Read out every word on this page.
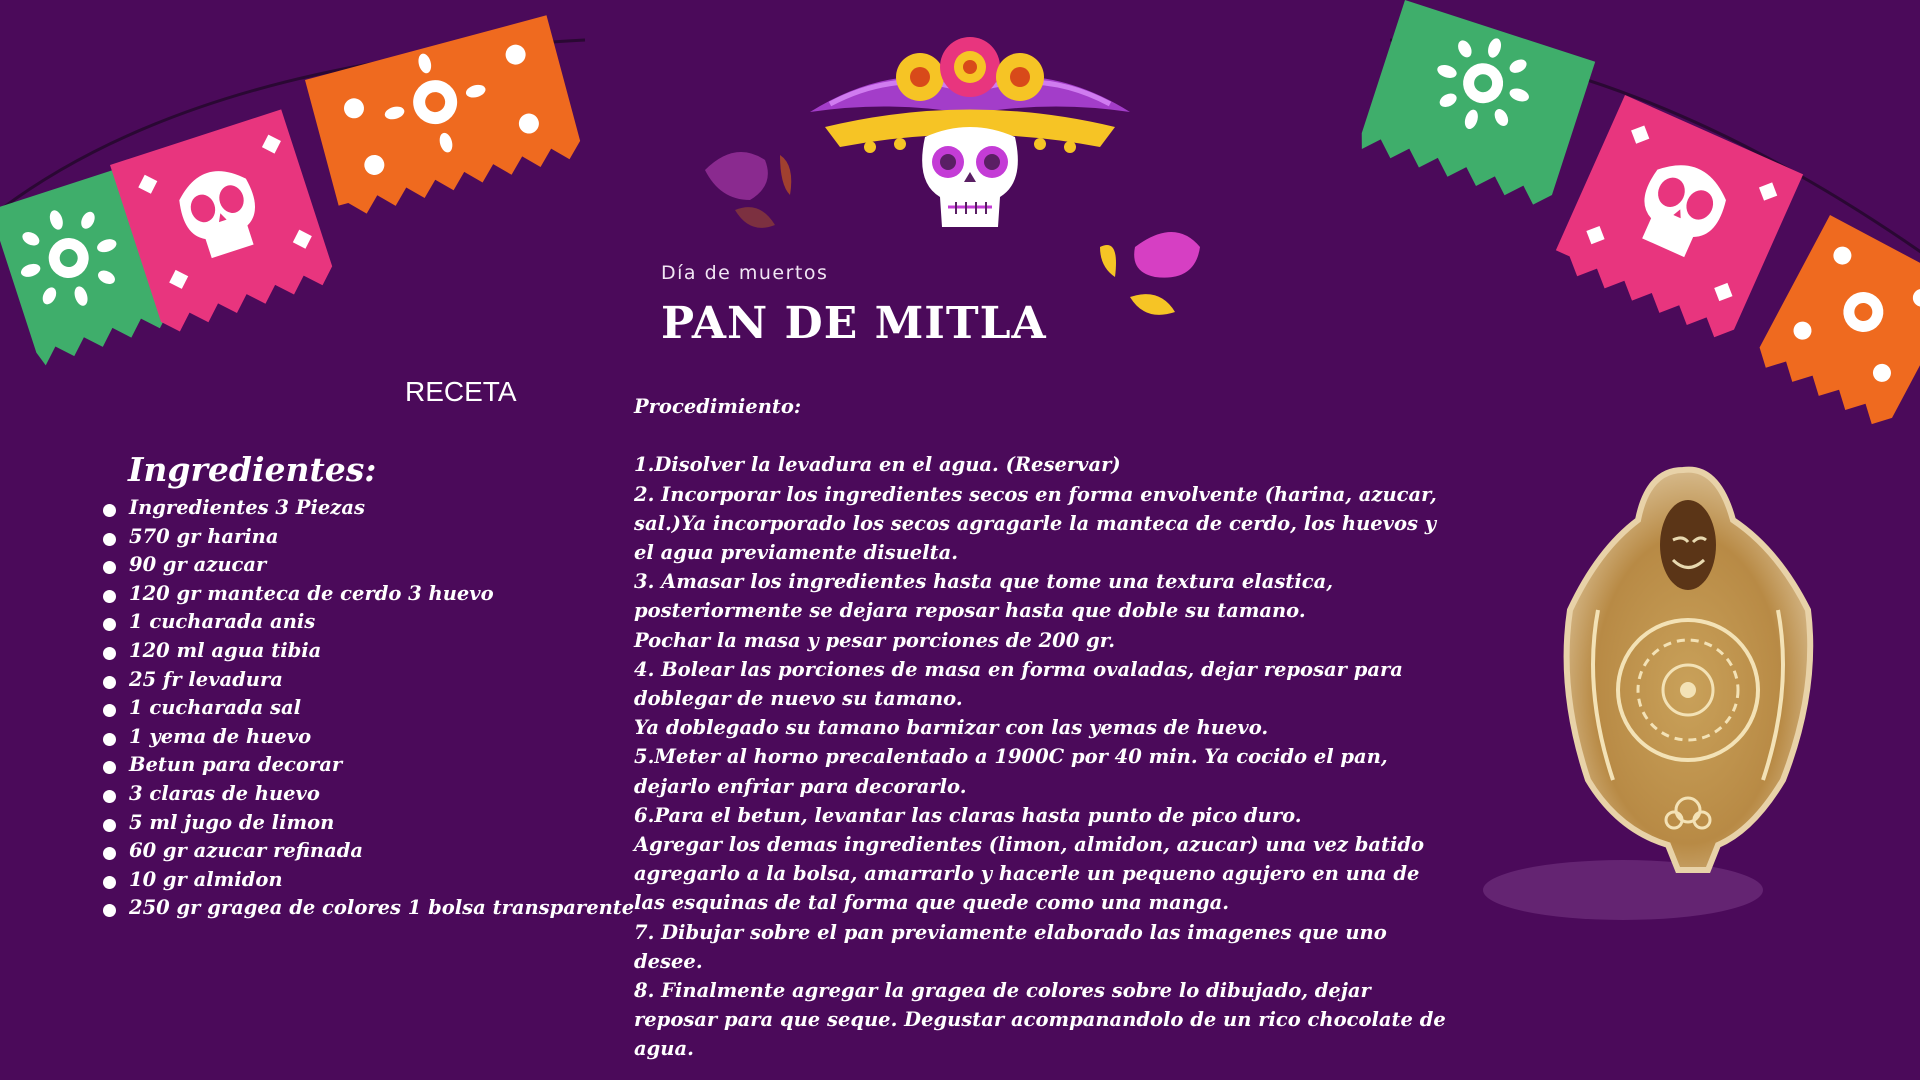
Día de muertos
PAN DE MITLA
RECETA
Ingredientes:
Ingredientes 3 Piezas
570 gr harina
90 gr azucar
120 gr manteca de cerdo 3 huevo
1 cucharada anis
120 ml agua tibia
25 fr levadura
1 cucharada sal
1 yema de huevo
Betun para decorar
3 claras de huevo
5 ml jugo de limon
60 gr azucar refinada
10 gr almidon
250 gr gragea de colores 1 bolsa transparente
Procedimiento:
1.Disolver la levadura en el agua. (Reservar)
2. Incorporar los ingredientes secos en forma envolvente (harina, azucar, sal.)Ya incorporado los secos agragarle la manteca de cerdo, los huevos y el agua previamente disuelta.
3. Amasar los ingredientes hasta que tome una textura elastica, posteriormente se dejara reposar hasta que doble su tamano.
Pochar la masa y pesar porciones de 200 gr.
4. Bolear las porciones de masa en forma ovaladas, dejar reposar para doblegar de nuevo su tamano.
Ya doblegado su tamano barnizar con las yemas de huevo.
5.Meter al horno precalentado a 1900C por 40 min. Ya cocido el pan, dejarlo enfriar para decorarlo.
6.Para el betun, levantar las claras hasta punto de pico duro.
Agregar los demas ingredientes (limon, almidon, azucar) una vez batido agregarlo a la bolsa, amarrarlo y hacerle un pequeno agujero en una de las esquinas de tal forma que quede como una manga.
7. Dibujar sobre el pan previamente elaborado las imagenes que uno desee.
8. Finalmente agregar la gragea de colores sobre lo dibujado, dejar reposar para que seque. Degustar acompanandolo de un rico chocolate de agua.
